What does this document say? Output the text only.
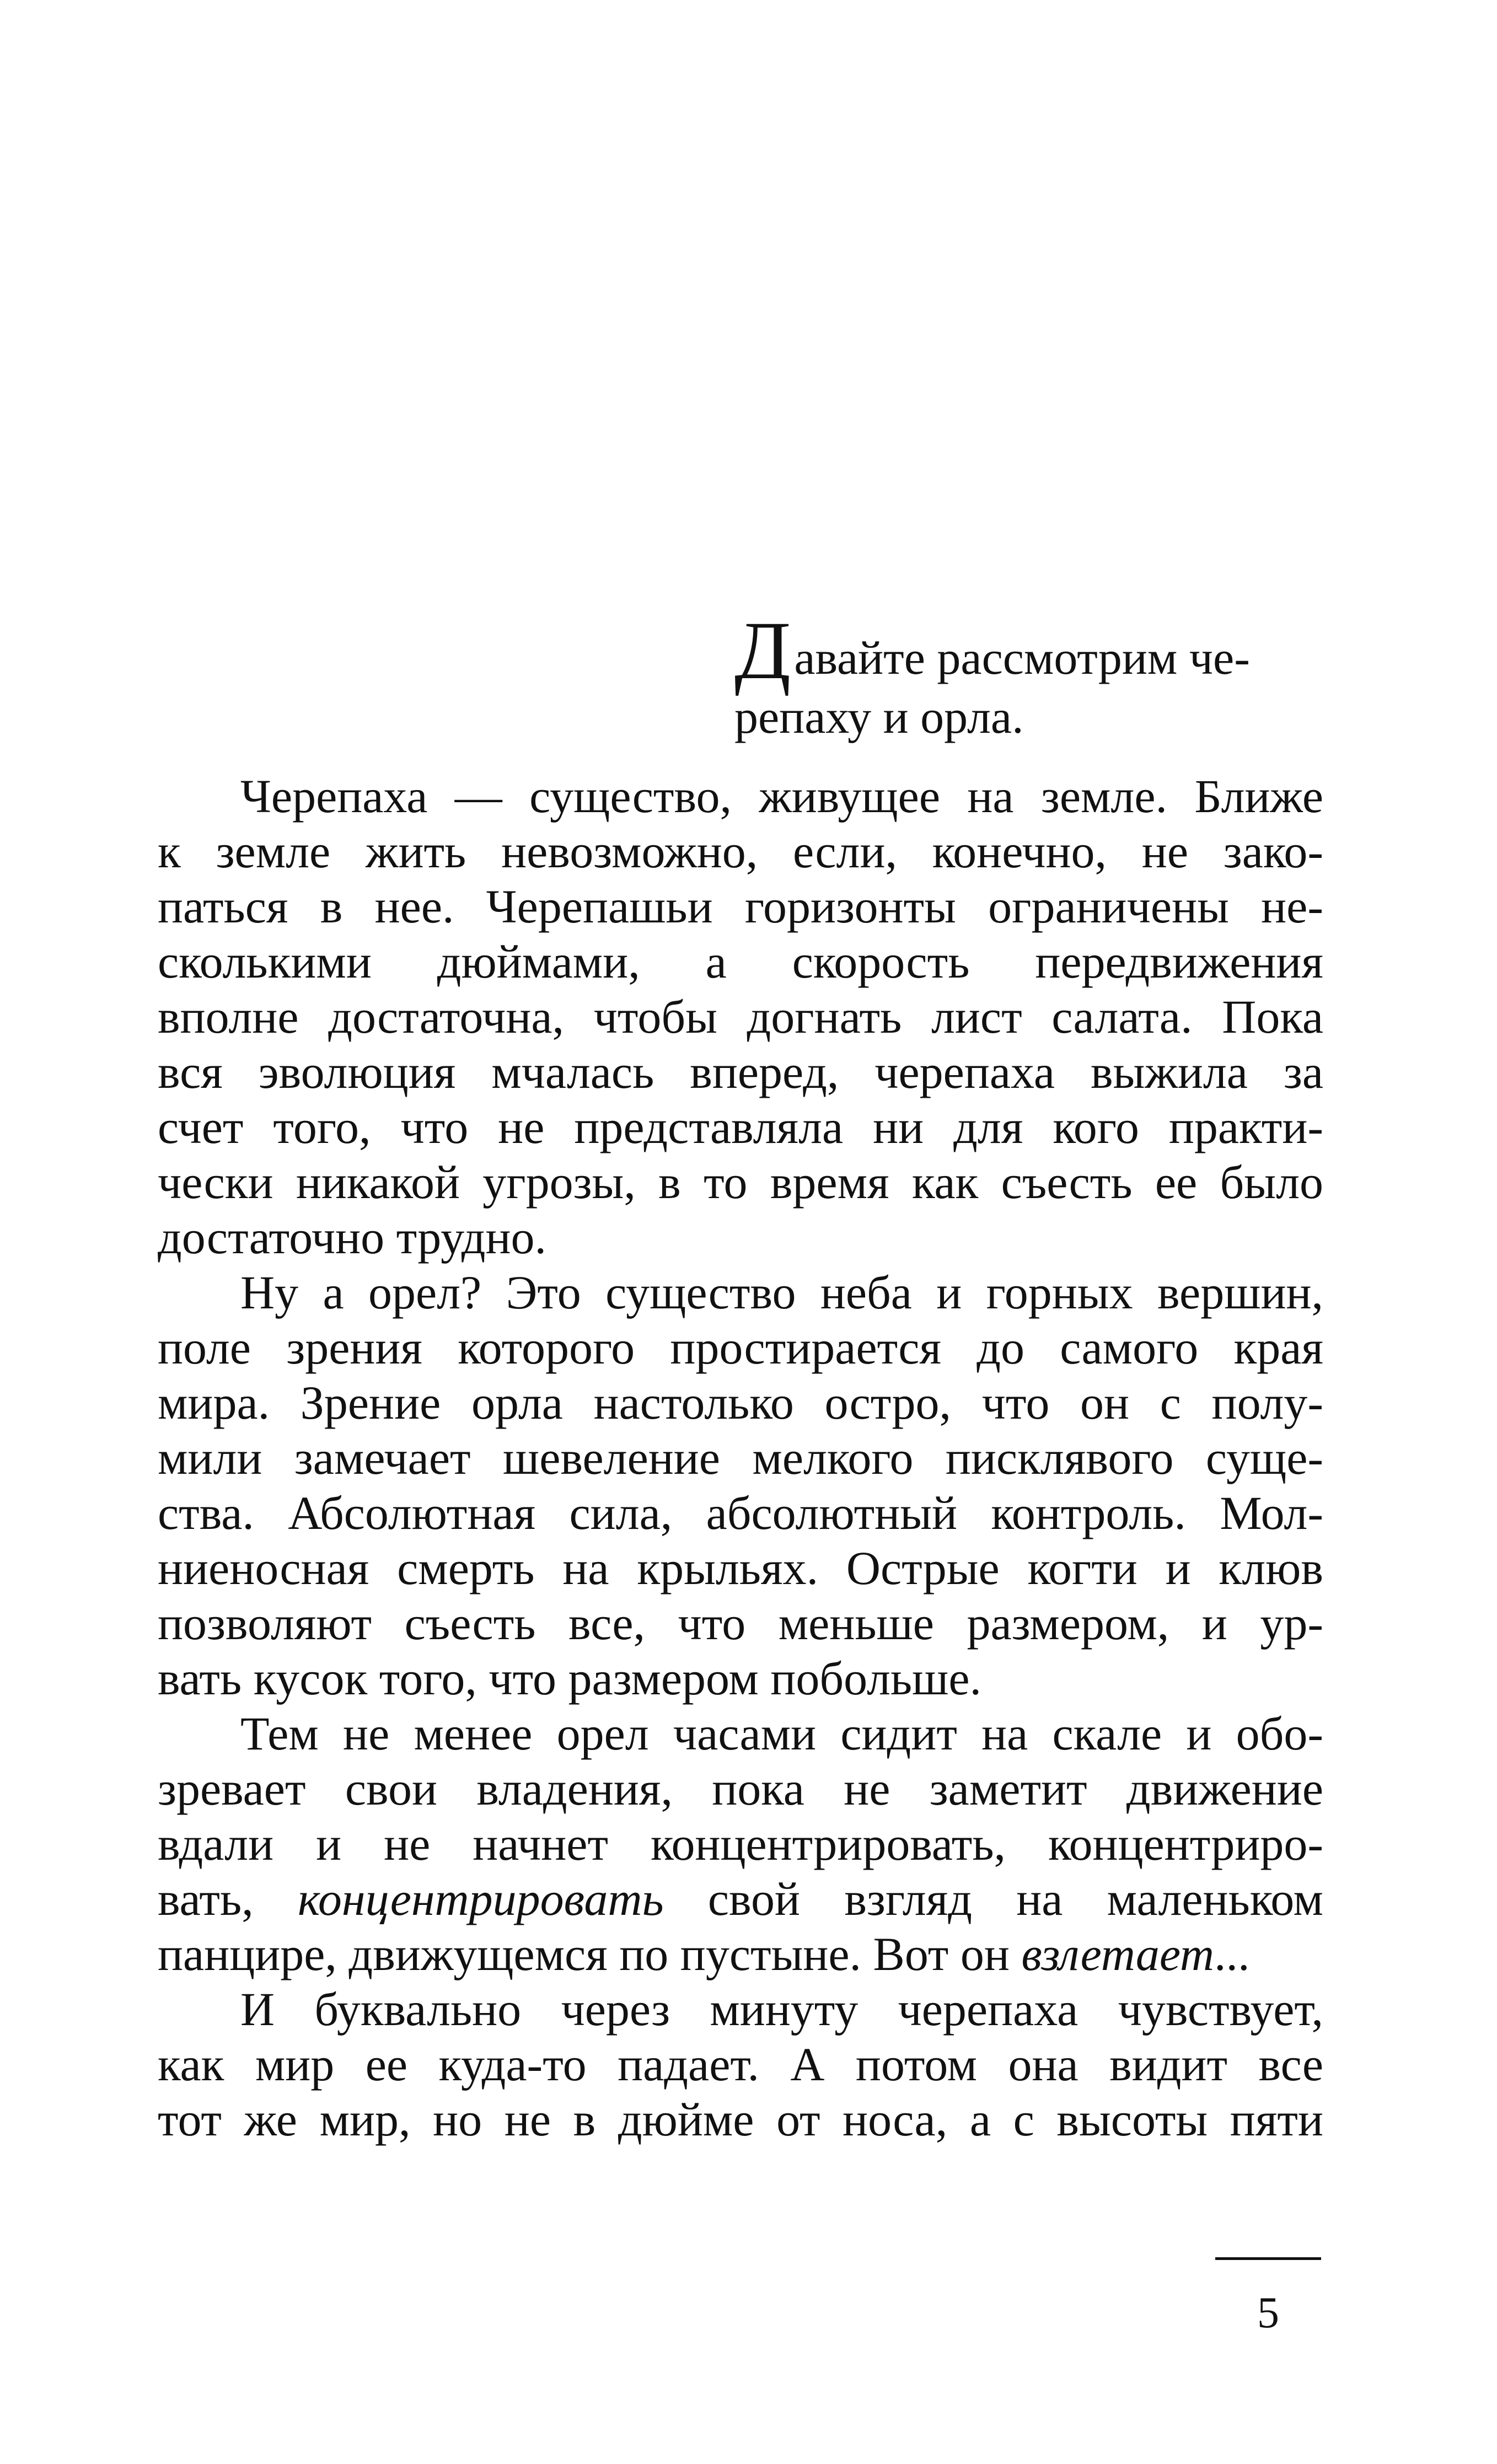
Давайте рассмотрим че-
репаху и орла.
Черепаха — существо, живущее на земле. Ближе
к земле жить невозможно, если, конечно, не зако-
паться в нее. Черепашьи горизонты ограничены не-
сколькими дюймами, а скорость передвижения
вполне достаточна, чтобы догнать лист салата. Пока
вся эволюция мчалась вперед, черепаха выжила за
счет того, что не представляла ни для кого практи-
чески никакой угрозы, в то время как съесть ее было
достаточно трудно.
Ну а орел? Это существо неба и горных вершин,
поле зрения которого простирается до самого края
мира. Зрение орла настолько остро, что он с полу-
мили замечает шевеление мелкого писклявого суще-
ства. Абсолютная сила, абсолютный контроль. Мол-
ниеносная смерть на крыльях. Острые когти и клюв
позволяют съесть все, что меньше размером, и ур-
вать кусок того, что размером побольше.
Тем не менее орел часами сидит на скале и обо-
зревает свои владения, пока не заметит движение
вдали и не начнет концентрировать, концентриро-
вать, концентрировать свой взгляд на маленьком
панцире, движущемся по пустыне. Вот он взлетает...
И буквально через минуту черепаха чувствует,
как мир ее куда-то падает. А потом она видит все
тот же мир, но не в дюйме от носа, а с высоты пяти
5
